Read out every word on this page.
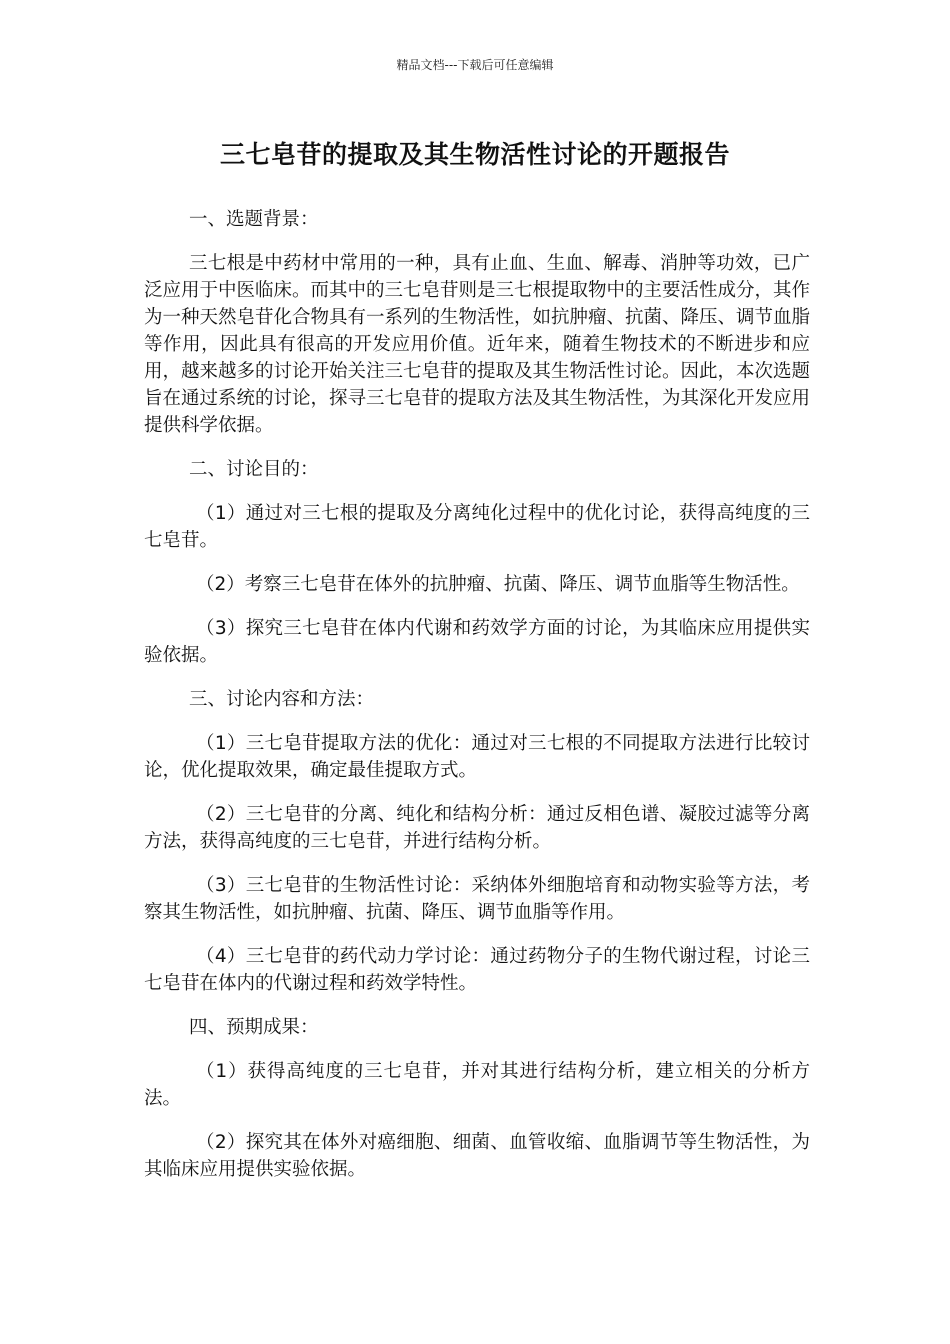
精品文档---下载后可任意编辑
三七皂苷的提取及其生物活性讨论的开题报告

一、选题背景：

三七根是中药材中常用的一种，具有止血、生血、解毒、消肿等功效，已广泛应用于中医临床。而其中的三七皂苷则是三七根提取物中的主要活性成分，其作为一种天然皂苷化合物具有一系列的生物活性，如抗肿瘤、抗菌、降压、调节血脂等作用，因此具有很高的开发应用价值。近年来，随着生物技术的不断进步和应用，越来越多的讨论开始关注三七皂苷的提取及其生物活性讨论。因此，本次选题旨在通过系统的讨论，探寻三七皂苷的提取方法及其生物活性，为其深化开发应用提供科学依据。

二、讨论目的：

（1）通过对三七根的提取及分离纯化过程中的优化讨论，获得高纯度的三七皂苷。

（2）考察三七皂苷在体外的抗肿瘤、抗菌、降压、调节血脂等生物活性。

（3）探究三七皂苷在体内代谢和药效学方面的讨论，为其临床应用提供实验依据。

三、讨论内容和方法：

（1）三七皂苷提取方法的优化：通过对三七根的不同提取方法进行比较讨论，优化提取效果，确定最佳提取方式。

（2）三七皂苷的分离、纯化和结构分析：通过反相色谱、凝胶过滤等分离方法，获得高纯度的三七皂苷，并进行结构分析。

（3）三七皂苷的生物活性讨论：采纳体外细胞培育和动物实验等方法，考察其生物活性，如抗肿瘤、抗菌、降压、调节血脂等作用。

（4）三七皂苷的药代动力学讨论：通过药物分子的生物代谢过程，讨论三七皂苷在体内的代谢过程和药效学特性。

四、预期成果：

（1）获得高纯度的三七皂苷，并对其进行结构分析，建立相关的分析方法。

（2）探究其在体外对癌细胞、细菌、血管收缩、血脂调节等生物活性，为其临床应用提供实验依据。
